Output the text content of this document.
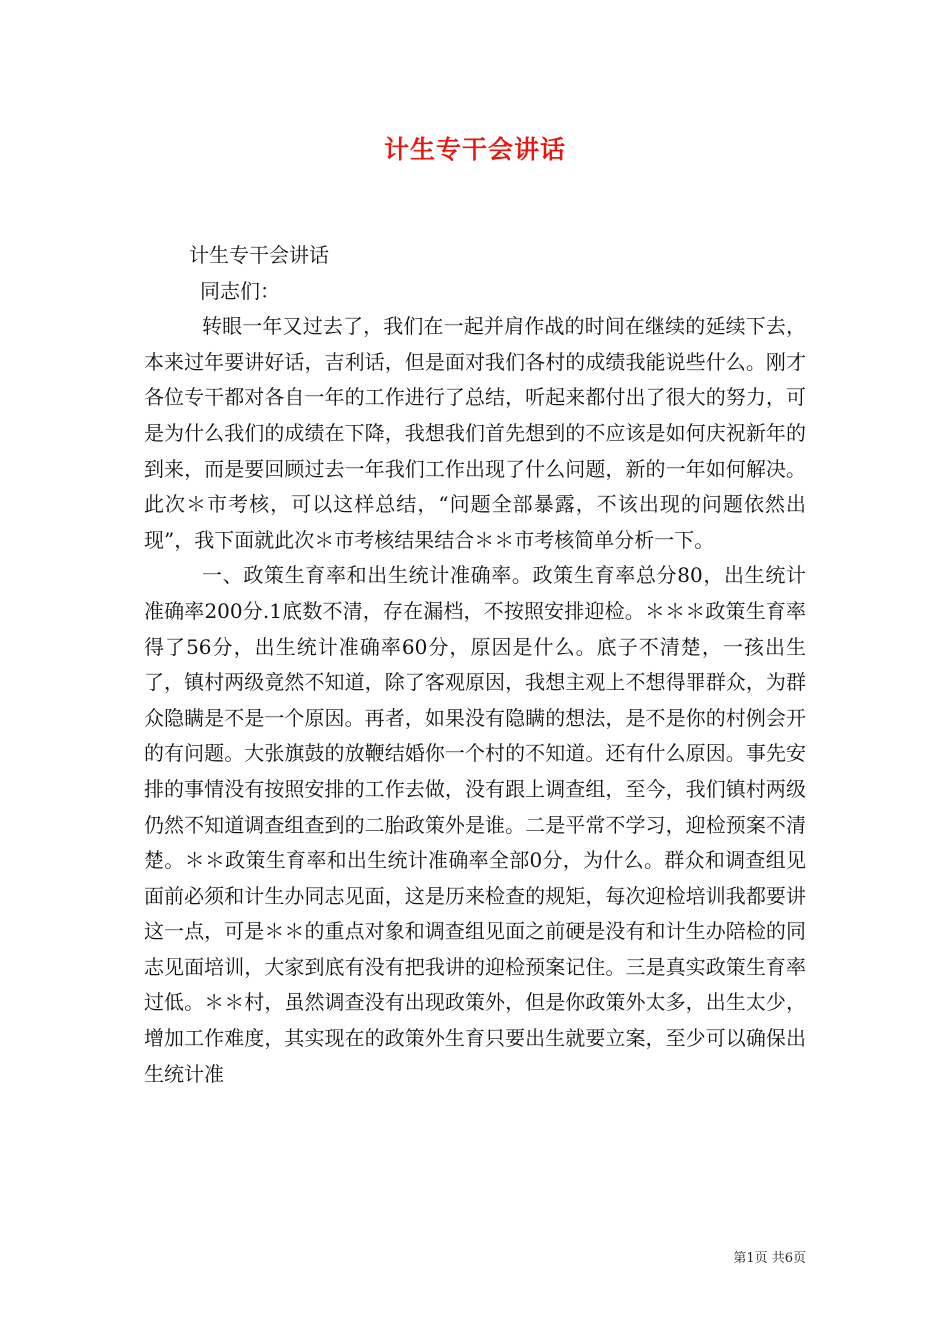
计生专干会讲话

计生专干会讲话

同志们：

转眼一年又过去了，我们在一起并肩作战的时间在继续的延续下去，本来过年要讲好话，吉利话，但是面对我们各村的成绩我能说些什么。刚才各位专干都对各自一年的工作进行了总结，听起来都付出了很大的努力，可是为什么我们的成绩在下降，我想我们首先想到的不应该是如何庆祝新年的到来，而是要回顾过去一年我们工作出现了什么问题，新的一年如何解决。此次＊市考核，可以这样总结，“问题全部暴露，不该出现的问题依然出现”，我下面就此次＊市考核结果结合＊＊市考核简单分析一下。

一、政策生育率和出生统计准确率。政策生育率总分80，出生统计准确率200分.1底数不清，存在漏档，不按照安排迎检。＊＊＊政策生育率得了56分，出生统计准确率60分，原因是什么。底子不清楚，一孩出生了，镇村两级竟然不知道，除了客观原因，我想主观上不想得罪群众，为群众隐瞒是不是一个原因。再者，如果没有隐瞒的想法，是不是你的村例会开的有问题。大张旗鼓的放鞭结婚你一个村的不知道。还有什么原因。事先安排的事情没有按照安排的工作去做，没有跟上调查组，至今，我们镇村两级仍然不知道调查组查到的二胎政策外是谁。二是平常不学习，迎检预案不清楚。＊＊政策生育率和出生统计准确率全部0分，为什么。群众和调查组见面前必须和计生办同志见面，这是历来检查的规矩，每次迎检培训我都要讲这一点，可是＊＊的重点对象和调查组见面之前硬是没有和计生办陪检的同志见面培训，大家到底有没有把我讲的迎检预案记住。三是真实政策生育率过低。＊＊村，虽然调查没有出现政策外，但是你政策外太多，出生太少，增加工作难度，其实现在的政策外生育只要出生就要立案，至少可以确保出生统计准

第1页 共6页
